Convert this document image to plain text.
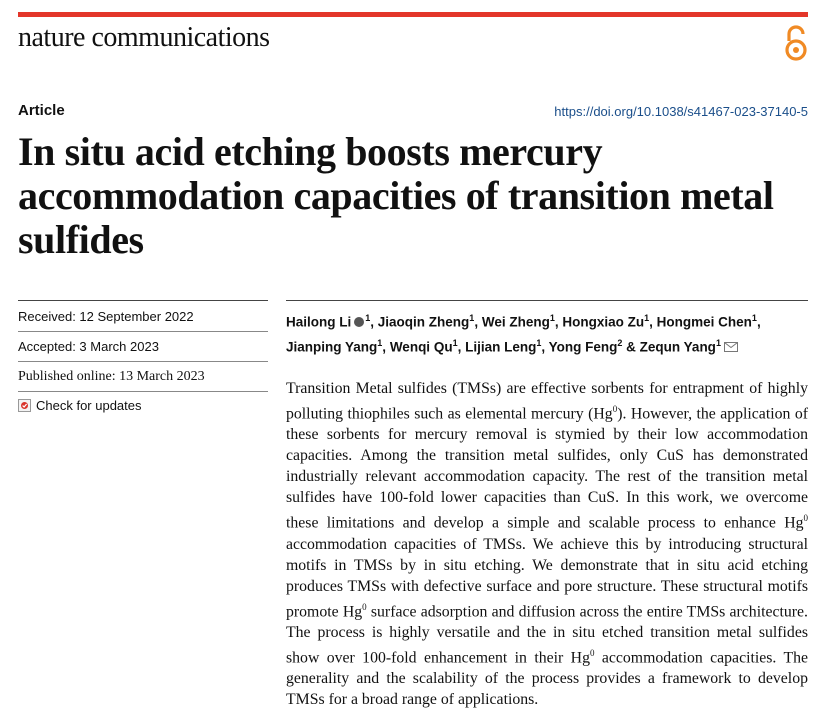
nature communications
Article	https://doi.org/10.1038/s41467-023-37140-5
In situ acid etching boosts mercury accommodation capacities of transition metal sulfides
Received: 12 September 2022
Accepted: 3 March 2023
Published online: 13 March 2023
Check for updates
Hailong Li $^1$, Jiaoqin Zheng$^1$, Wei Zheng$^1$, Hongxiao Zu$^1$, Hongmei Chen$^1$, Jianping Yang$^1$, Wenqi Qu$^1$, Lijian Leng$^1$, Yong Feng$^2$ & Zequn Yang$^1$

Transition Metal sulfides (TMSs) are effective sorbents for entrapment of highly polluting thiophiles such as elemental mercury (Hg$^0$). However, the application of these sorbents for mercury removal is stymied by their low accommodation capacities. Among the transition metal sulfides, only CuS has demonstrated industrially relevant accommodation capacity. The rest of the transition metal sulfides have 100-fold lower capacities than CuS. In this work, we overcome these limitations and develop a simple and scalable process to enhance Hg$^0$ accommodation capacities of TMSs. We achieve this by introducing structural motifs in TMSs by in situ etching. We demonstrate that in situ acid etching produces TMSs with defective surface and pore structure. These structural motifs promote Hg$^0$ surface adsorption and diffusion across the entire TMSs architecture. The process is highly versatile and the in situ etched transition metal sulfides show over 100-fold enhancement in their Hg$^0$ accommodation capacities. The generality and the scalability of the process provides a framework to develop TMSs for a broad range of applications.
